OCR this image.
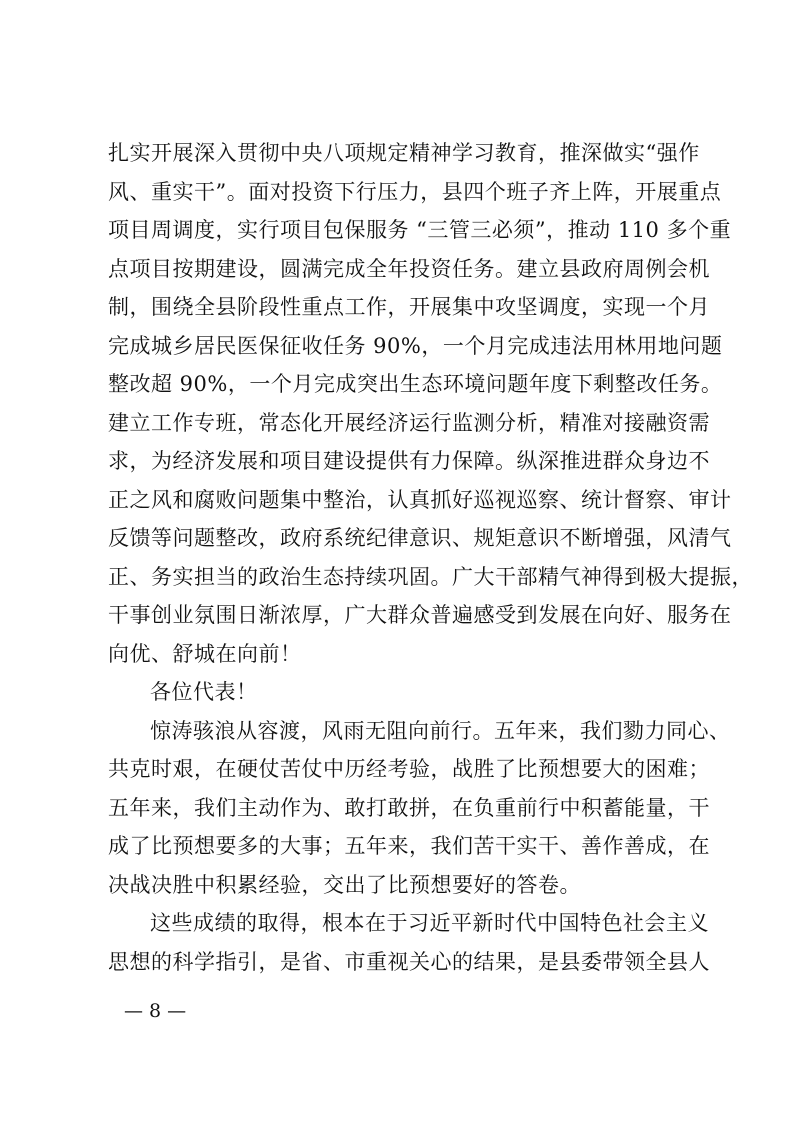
扎实开展深入贯彻中央八项规定精神学习教育，推深做实“强作
风、重实干”。面对投资下行压力，县四个班子齐上阵，开展重点
项目周调度，实行项目包保服务 “三管三必须”，推动 110 多个重
点项目按期建设，圆满完成全年投资任务。建立县政府周例会机
制，围绕全县阶段性重点工作，开展集中攻坚调度，实现一个月
完成城乡居民医保征收任务 90%，一个月完成违法用林用地问题
整改超 90%，一个月完成突出生态环境问题年度下剩整改任务。
建立工作专班，常态化开展经济运行监测分析，精准对接融资需
求，为经济发展和项目建设提供有力保障。纵深推进群众身边不
正之风和腐败问题集中整治，认真抓好巡视巡察、统计督察、审计
反馈等问题整改，政府系统纪律意识、规矩意识不断增强，风清气
正、务实担当的政治生态持续巩固。广大干部精气神得到极大提振，
干事创业氛围日渐浓厚，广大群众普遍感受到发展在向好、服务在
向优、舒城在向前！
各位代表！
惊涛骇浪从容渡，风雨无阻向前行。五年来，我们勠力同心、
共克时艰，在硬仗苦仗中历经考验，战胜了比预想要大的困难；
五年来，我们主动作为、敢打敢拼，在负重前行中积蓄能量，干
成了比预想要多的大事；五年来，我们苦干实干、善作善成，在
决战决胜中积累经验，交出了比预想要好的答卷。
这些成绩的取得，根本在于习近平新时代中国特色社会主义
思想的科学指引，是省、市重视关心的结果，是县委带领全县人
— 8 —
